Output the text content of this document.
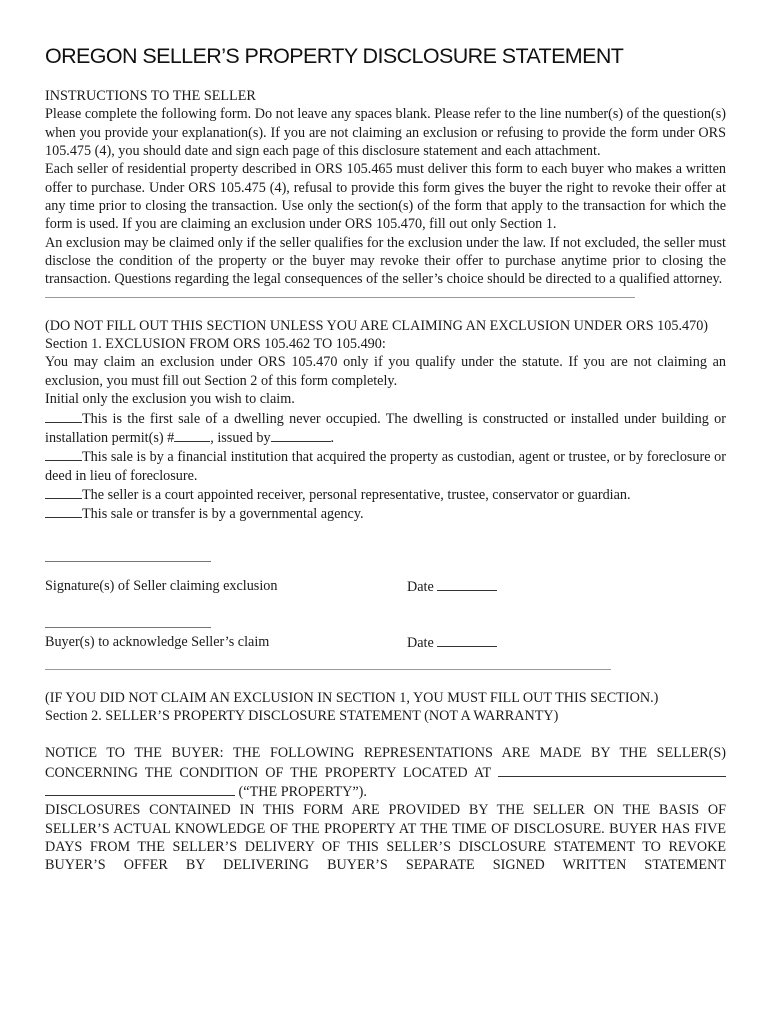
OREGON SELLER’S PROPERTY DISCLOSURE STATEMENT

INSTRUCTIONS TO THE SELLER

Please complete the following form. Do not leave any spaces blank. Please refer to the line number(s) of the question(s) when you provide your explanation(s). If you are not claiming an exclusion or refusing to provide the form under ORS 105.475 (4), you should date and sign each page of this disclosure statement and each attachment.

Each seller of residential property described in ORS 105.465 must deliver this form to each buyer who makes a written offer to purchase. Under ORS 105.475 (4), refusal to provide this form gives the buyer the right to revoke their offer at any time prior to closing the transaction. Use only the section(s) of the form that apply to the transaction for which the form is used. If you are claiming an exclusion under ORS 105.470, fill out only Section 1.

An exclusion may be claimed only if the seller qualifies for the exclusion under the law. If not excluded, the seller must disclose the condition of the property or the buyer may revoke their offer to purchase anytime prior to closing the transaction. Questions regarding the legal consequences of the seller’s choice should be directed to a qualified attorney.

(DO NOT FILL OUT THIS SECTION UNLESS YOU ARE CLAIMING AN EXCLUSION UNDER ORS 105.470)

Section 1. EXCLUSION FROM ORS 105.462 TO 105.490:

You may claim an exclusion under ORS 105.470 only if you qualify under the statute. If you are not claiming an exclusion, you must fill out Section 2 of this form completely.

Initial only the exclusion you wish to claim.

This is the first sale of a dwelling never occupied. The dwelling is constructed or installed under building or installation permit(s) #	, issued by	.

This sale is by a financial institution that acquired the property as custodian, agent or trustee, or by foreclosure or deed in lieu of foreclosure.

The seller is a court appointed receiver, personal representative, trustee, conservator or guardian.

This sale or transfer is by a governmental agency.

Signature(s) of Seller claiming exclusion	Date
Buyer(s) to acknowledge Seller’s claim	Date

(IF YOU DID NOT CLAIM AN EXCLUSION IN SECTION 1, YOU MUST FILL OUT THIS SECTION.)

Section 2. SELLER’S PROPERTY DISCLOSURE STATEMENT (NOT A WARRANTY)

NOTICE TO THE BUYER: THE FOLLOWING REPRESENTATIONS ARE MADE BY THE SELLER(S) CONCERNING THE CONDITION OF THE PROPERTY LOCATED AT

(“THE PROPERTY”).

DISCLOSURES CONTAINED IN THIS FORM ARE PROVIDED BY THE SELLER ON THE BASIS OF SELLER’S ACTUAL KNOWLEDGE OF THE PROPERTY AT THE TIME OF DISCLOSURE. BUYER HAS FIVE DAYS FROM THE SELLER’S DELIVERY OF THIS SELLER’S DISCLOSURE STATEMENT TO REVOKE BUYER’S OFFER BY DELIVERING BUYER’S SEPARATE SIGNED WRITTEN STATEMENT
